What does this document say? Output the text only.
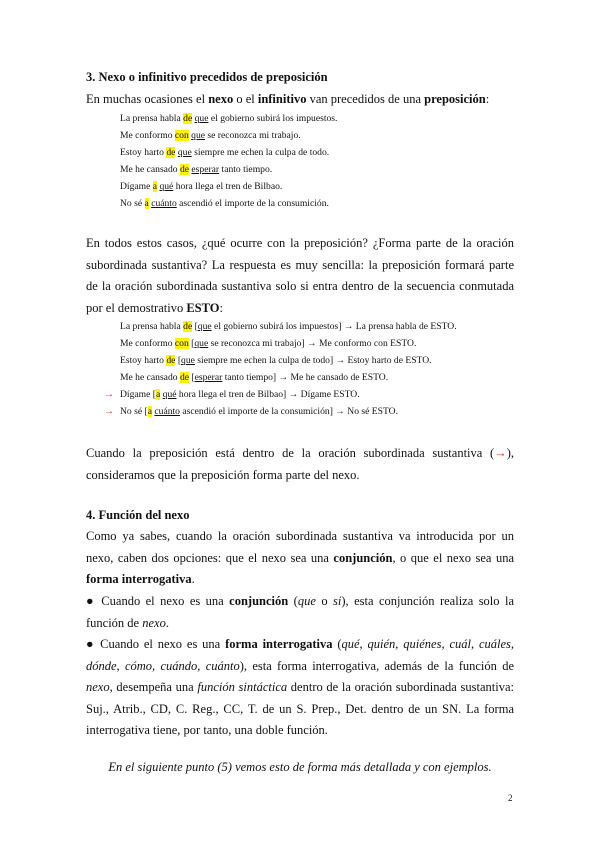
3. Nexo o infinitivo precedidos de preposición
En muchas ocasiones el nexo o el infinitivo van precedidos de una preposición:
La prensa habla de que el gobierno subirá los impuestos.
Me conformo con que se reconozca mi trabajo.
Estoy harto de que siempre me echen la culpa de todo.
Me he cansado de esperar tanto tiempo.
Dígame a qué hora llega el tren de Bilbao.
No sé a cuánto ascendió el importe de la consumición.
En todos estos casos, ¿qué ocurre con la preposición? ¿Forma parte de la oración subordinada sustantiva? La respuesta es muy sencilla: la preposición formará parte de la oración subordinada sustantiva solo si entra dentro de la secuencia conmutada por el demostrativo ESTO:
La prensa habla de [que el gobierno subirá los impuestos] → La prensa habla de ESTO.
Me conformo con [que se reconozca mi trabajo] → Me conformo con ESTO.
Estoy harto de [que siempre me echen la culpa de todo] → Estoy harto de ESTO.
Me he cansado de [esperar tanto tiempo] → Me he cansado de ESTO.
→ Dígame [a qué hora llega el tren de Bilbao] → Dígame ESTO.
→ No sé [a cuánto ascendió el importe de la consumición] → No sé ESTO.
Cuando la preposición está dentro de la oración subordinada sustantiva (→), consideramos que la preposición forma parte del nexo.
4. Función del nexo
Como ya sabes, cuando la oración subordinada sustantiva va introducida por un nexo, caben dos opciones: que el nexo sea una conjunción, o que el nexo sea una forma interrogativa.
● Cuando el nexo es una conjunción (que o si), esta conjunción realiza solo la función de nexo.
● Cuando el nexo es una forma interrogativa (qué, quién, quiénes, cuál, cuáles, dónde, cómo, cuándo, cuánto), esta forma interrogativa, además de la función de nexo, desempeña una función sintáctica dentro de la oración subordinada sustantiva: Suj., Atrib., CD, C. Reg., CC, T. de un S. Prep., Det. dentro de un SN. La forma interrogativa tiene, por tanto, una doble función.
En el siguiente punto (5) vemos esto de forma más detallada y con ejemplos.
2
